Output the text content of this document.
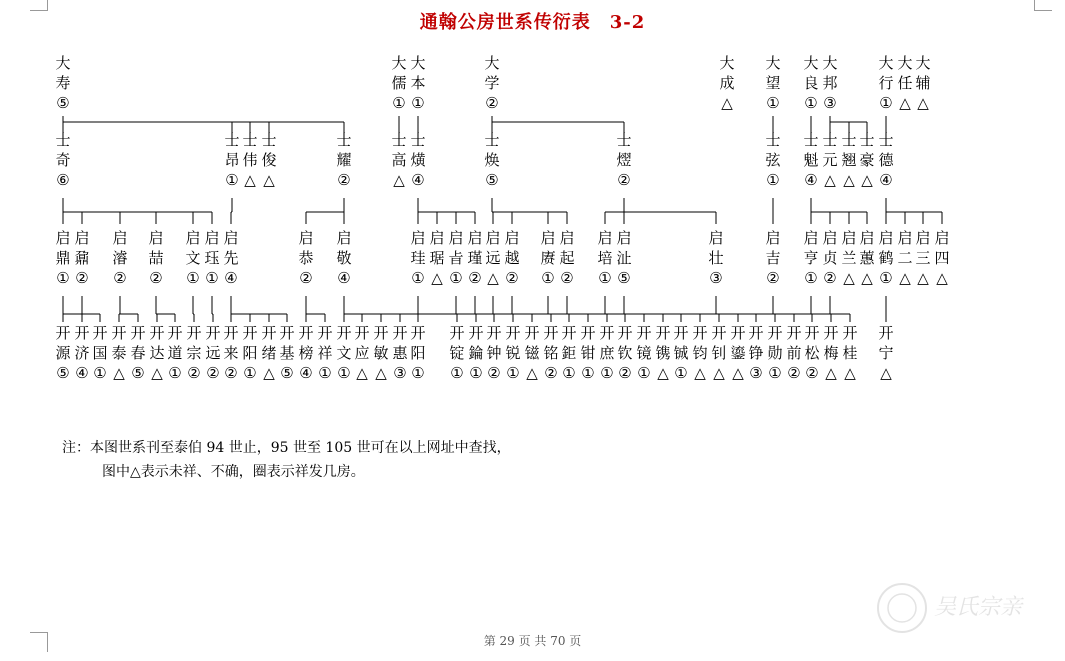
通翰公房世系传衍表　3-2
大
寿
⑤
大
儒
①
大
本
①
大
学
②
大
成
△
大
望
①
大
良
①
大
邦
③
大
行
①
大
任
△
大
辅
△
士
奇
⑥
士
昂
①
士
伟
△
士
俊
△
士
耀
②
士
高
△
士
熿
④
士
焕
⑤
士
熤
②
士
弦
①
士
魁
④
士
元
△
士
翘
△
士
豪
△
士
德
④
启
鼎
①
启
鼐
②
启
濬
②
启
喆
②
启
文
①
启
珏
①
启
先
④
启
恭
②
启
敬
④
启
珪
①
启
琚
△
启
㫖
①
启
瑾
②
启
远
△
启
越
②
启
赓
①
启
起
②
启
培
①
启
沚
⑤
启
壮
③
启
吉
②
启
亨
①
启
贞
②
启
兰
△
启
蕙
△
启
鹤
①
启
二
△
启
三
△
启
四
△
开
源
⑤
开
济
④
开
国
①
开
泰
△
开
春
⑤
开
达
△
开
道
①
开
宗
②
开
远
②
开
来
②
开
阳
①
开
绪
△
开
基
⑤
开
榜
④
开
祥
①
开
文
①
开
应
△
开
敏
△
开
惠
③
开
阳
①
开
锭
①
开
錀
①
开
钟
②
开
锐
①
开
镃
△
开
铭
②
开
鉅
①
开
钳
①
开
庶
①
开
钦
②
开
镜
①
开
镌
△
开
铖
①
开
钧
△
开
钊
△
开
鎏
△
开
铮
③
开
勋
①
开
前
②
开
松
②
开
梅
△
开
桂
△
开
宁
△
注：本图世系刊至泰伯 94 世止，95 世至 105 世可在以上网址中查找，
图中△表示未祥、不确，圈表示祥发几房。
第 29 页 共 70 页
吴氏宗亲
